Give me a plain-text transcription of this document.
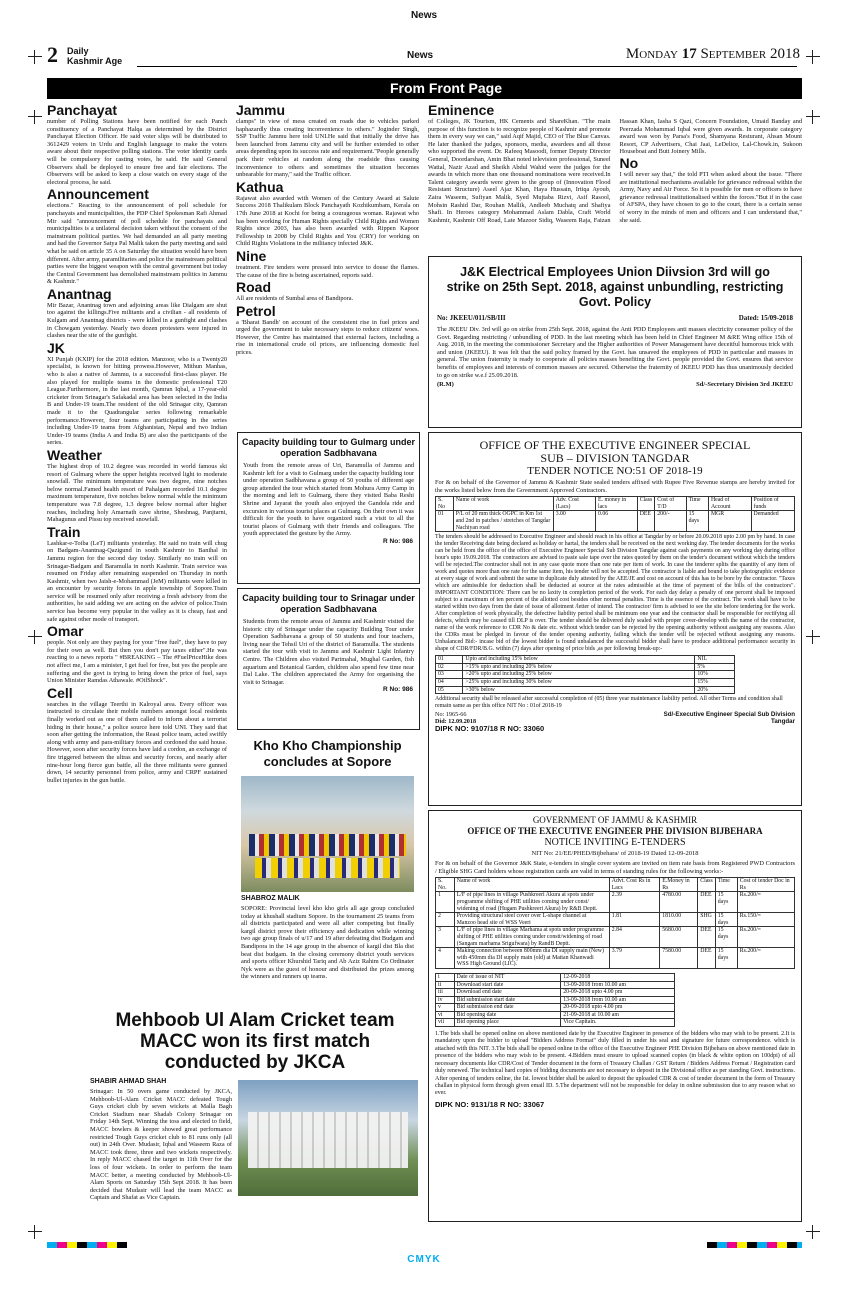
News
2 Daily
Kashmir Age	News	Monday 17 September 2018
From Front Page
Panchayat

number of Polling Stations have been notified for each Panch constituency of a Panchayat Halqa as determined by the District Panchayat Election Officer. He said voter slips will be distributed to 3612429 voters in Urdu and English language to make the voters aware about their respective polling stations. The voter identity cards will be compulsory for casting votes, he said. He said General Observers shall be deployed to ensure free and fair elections. The Observers will be asked to keep a close watch on every stage of the electoral process, he said.

Announcement

elections." Reacting to the announcement of poll schedule for panchayats and municipalities, the PDP Chief Spokesman Rafi Ahmad Mir said "announcement of poll schedule for panchayats and municipalities is a unilateral decision taken without the consent of the mainstream political parties. We had demanded an all party meeting and had the Governor Satya Pal Malik taken the party meeting and said what he said on article 35 A on Saturday the situation would have been different. After army, paramilitaries and police the mainstream political parties were the biggest weapon with the central government but today the Central Government has demolished mainstream politics in Jammu & Kashmir."

Anantnag

Mir Bazar, Anantnag town and adjoining areas like Dialgam are shut too against the killings.Five militants and a civilian - all residents of Kulgam and Anantnag districts - were killed in a gunfight and clashes in Chowgam yesterday. Nearly two dozen protesters were injured in clashes near the site of the gunfight.

JK

XI Punjab (KXIP) for the 2018 edition. Manzoor, who is a Twenty20 specialist, is known for hitting prowess.However, Mithun Manhas, who is also a native of Jammu, is a successful first-class player. He also played for multiple teams in the domestic professional T20 League.Furthermore, in the last month, Qamran Iqbal, a 17-year-old cricketer from Srinagar's Safakadal area has been selected in the India B and Under-19 team.The resident of the old Srinagar city, Qamran made it to the Quadrangular series following remarkable performance.However, four teams are participating in the series including Under-19 teams from Afghanistan, Nepal and two Indian Under-19 teams (India A and India B) are also the participants of the series.

Weather

The highest drop of 10.2 degree was recorded in world famous ski resort of Gulmarg where the upper heights received light to moderate snowfall. The minimum temperature was two degree, nine notches below normal.Famed health resort of Pahalgam recorded 10.1 degree maximum temperature, five notches below normal while the minimum temperature was 7.8 degree, 1.3 degree below normal after higher reaches, including holy Amarnath cave shrine, Sheshnag, Panjtarni, Mahagunus and Pissu top received snowfall.

Train

Lashkar-e-Toiba (LeT) militants yesterday. He said no train will chug on Badgam-Anantnag-Qazigund in south Kashmir to Banihal in Jammu region for the second day today. Similarly no train will on Srinagar-Badgam and Baramulla in north Kashmir. Train service was resumed on Friday after remaining suspended on Thursday in north Kashmir, when two Jaish-e-Mohammad (JeM) militants were killed in an encounter by security forces in apple township of Sopore.Train service will be resumed only after receiving a fresh advisory from the authorities, he said adding we are acting on the advice of police.Train service has become very popular in the valley as it is cheap, fast and safe against other mode of transport.

Omar

people. Not only are they paying for your "free fuel", they have to pay for their own as well. But then you don't pay taxes either".He was reacting to a news reports " #BREAKING – The #FuelPriceHike does not affect me, I am a minister, I get fuel for free, but yes the people are suffering and the govt is trying to bring down the price of fuel, says Union Minister Ramdas Athawale. #OtlShock".

Cell

searches in the village Teerthi in Kalroyal area. Every officer was instructed to circulate their mobile numbers amongst local residents finally worked out as one of them called to inform about a terrorist hiding in their house," a police source here told UNI. They said that soon after getting the information, the Reasi police team, acted swiftly along with army and para-military forces and cordoned the said house. However, soon after security forces have laid a cordon, an exchange of fire triggered between the ultras and security forces, and nearly after nine-hour long fierce gun battle, all the three militants were gunned down, 14 security personnel from police, army and CRPF sustained bullet injuries in the gun battle.

Jammu

clamps" in view of mess created on roads due to vehicles parked haphazardly thus creating inconvenience to others." Joginder Singh, SSP Traffic Jammu here told UNI.He said that initially the drive has been launched from Jammu city and will be further extended to other areas depending upon its success rate and requirement."People generally park their vehicles at random along the roadside thus causing inconvenience to others and sometimes the situation becomes unbearable for many," said the Traffic officer.

Kathua

Rajawat also awarded with Women of the Century Award at Salute Success 2018 Thalikulam Block Panchayath Kozhikumbam, Kerala on 17th June 2018 at Kochi for being a courageous woman. Rajawat who has been working for Human Rights specially Child Rights and Women Rights since 2003, has also been awarded with Rippen Kapoor Fellowship in 2008 by Child Rights and You (CRY) for working on Child Rights Violations in the militancy infected J&K.

Nine

treatment. Fire tenders were pressed into service to douse the flames. The cause of the fire is being ascertained, reports said.

Road

All are residents of Sumbal area of Bandipora.

Petrol

a 'Bharat Bandh' on account of the consistent rise in fuel prices and urged the government to take necessary steps to reduce citizens' woes. However, the Centre has maintained that external factors, including a rise in international crude oil prices, are influencing domestic fuel prices.

Eminence

of Colleges, JK Tourism, HK Cements and ShareKhan. "The main purpose of this function is to recognize people of Kashmir and promote them in every way we can," said Aqif Majid, CEO of The Blue Canvas. He later thanked the judges, sponsors, media, awardees and all those who supported the event. Dr. Rafeeq Masoodi, former Deputy Director General, Doordarshan, Amin Bhat noted television professional, Suneel Wattal, Nazir Azad and Sheikh Abdul Wahid were the judges for the awards in which more than one thousand nominations were received.In Talent category awards were given to the group of (Innovation Flood Resistant Structure) Aseel Ajaz Khan, Haya Hussain, Irtiqa Ayoub, Zaira Waseem, Sufiyan Malik, Syed Mujtaba Rizvi, Asif Rasool, Mohsin Rashid Dar, Rouhan Mallik, Andleeb Muchatq and Shafiya Shafi. In Heroes category Mohammad Aslam Dabla, Craft World Kashmir, Kashmir Off Road, Late Mazoor Sidiq, Waseem Raja, Faizan Hassan Khan, Iasha S Qazi, Concern Foundation, Umaid Banday and Peerzada Mohammad Iqbal were given awards. In corporate category award was won by Parsa's Food, Shamyana Resturant, Ahsan Mount Resort, CP Advertisers, Chai Jaai, LeDelice, Lal-Chowk.in, Sukoon Houseboat and Butt Joinery Mills.

No

I will never say that," the told PTI when asked about the issue. "There are institutional mechanisms available for grievance redressal within the Army, Navy and Air Force. So it is possible for men or officers to have grievance redressal institutionalised within the forces."But if in the case of AFSPA, they have chosen to go to the court, there is a certain sense of worry in the minds of men and officers and I can understand that," she said.

J&K Electrical Employees Union Diivsion 3rd will go strike on 25th Sept. 2018, against unbundling, restricting Govt. Policy
No: JKEEU/011/SB/III	Dated: 15/09-2018

The JKEEU Div. 3rd will go on strike from 25th Sept. 2018, against the Anti PDD Employees anti masses electricity consumer policy of the Govt. Regarding restricting / unbundling of PDD. In the last meeting which has been held in Chief Engineer M &RE Wing office 15th of Aug. 2018, in the meeting the commissioner Secretary and the Higher authorities of Power Management have deceitful humorous trick with and union (JKEEU). It was felt that the said policy framed by the Govt. has unsaved the employees of PDD in particular and masses in general. The union fraternity is ready to cooperate all policies masses benefiting the Govt. people provided the Govt. ensures that service benefits of employees and interests of common masses are secured. Otherwise the fraternity of JKEEU PDD has thus unanimously decided to go on strike w.e.f 25.09.2018.

(R.M)	Sd/-Secretary Division 3rd JKEEU
Capacity building tour to Gulmarg under operation Sadbhavana

Youth from the remote areas of Uri, Baramulla of Jammu and Kashmir left for a visit to Gulmarg under the capacity building tour under operation Sadbhavana a group of 50 youths of different age group attended the tour which started from Mohura Army Camp in the morning and left to Gulmarg, there they visited Baba Reshi Shrine and Jayarat the youth also enjoyed the Gandola ride and excursion in various tourist places at Gulmarg. On their own it was difficult for the youth to have organized such a visit to all the tourist places of Gulmarg with their friends and colleagues. The youth appreciated the gesture by the Army.

R No: 986
Capacity building tour to Srinagar under operation Sadbhavana

Students from the remote areas of Jammu and Kashmir visited the historic city of Srinagar under the capacity Building Tour under Operation Sadbhavana a group of 50 students and four teachers, living near the Tehsil Uri of the district of Baramulla. The students started the tour with visit to Jammu and Kashmir Light Infantry Centre. The Children also visited Parimahal, Mughal Garden, fish aquarium and Botanical Garden, children also spend few time near Dal Lake. The children appreciated the Army for organising the visit to Srinagar.

R No: 986
Kho Kho Championship concludes at Sopore
SHABROZ MALIK

SOPORE: Provincial level kho kho girls all age group concluded today at khushall stadium Sopore. In the tournament 25 teams from all districts participated and were all after competing but finally kargil district prove their efficiency and dedication while winning two age group finals of u/17 and 19 after defeating dist Budgam and Bandipora in the 14 age group in the absence of kargil dist Bla dist beat dist budgam. In the closing ceremony district youth services and sports officer Khurshid Tariq and Ab Aziz Rahim Co Ordinater Nyk were as the guest of honour and distributed the prizes among the winners and runners up teams.

Mehboob Ul Alam Cricket team MACC won its first match conducted by JKCA
SHABIR AHMAD SHAH

Srinagar: In 50 overs game conducted by JKCA, Mehboob-Ul-Alam Cricket MACC defeated Tough Guys cricket club by seven wickets at Malla Bagh Cricket Stadium near Shadab Colony Srinagar on Friday 14th Sept. Winning the toss and elected to field, MACC bowlers & keeper showed great performance restricted Tough Guys cricket club to 81 runs only (all out) in 24th Over. Mudasir, Iqbal and Waseem Raza of MACC took three, three and two wickets respectively. In reply MACC chased the target in 11th Over for the loss of four wickets. In order to perform the team MACC better, a meeting conducted by Mehboob-Ul-Alam Sports on Saturday 15th Sept 2018. It has been decided that Mudasir will lead the team MACC as Captain and Shafat as Vice Captain.

OFFICE OF THE EXECUTIVE ENGINEER SPECIAL
SUB – DIVISION TANGDAR
TENDER NOTICE NO:51 OF 2018-19

For & on behalf of the Governor of Jammu & Kashmir State sealed tenders affixed with Rupee Five Revenue stamps are hereby invited for the works listed below from the Government Approved Contractors.

S. No	Name of work	Adv. Cost (Lacs)	E. money in lacs	Class	Cost of T/D	Time	Head of Account	Position of funds
01	P/L of 20 mm thick OGPC in Km 1st and 2nd in patches / stretches of Tangdar Nachiyan road	3.00	0.06	DEE	200/-	15 days	MGR	Demanded

The tenders should be addressed to Executive Engineer and should reach in his office at Tangdar by or before 20.09.2018 upto 2.00 pm by hand. In case the tender Receiving date being declared as holiday or hartal, the tenders shall be received on the next working day. The tender documents for the works can be held from the office of the office of Executive Engineer Special Sub Division Tangdar against cash payments on any working day during office hour's upto 19.09.2018. The contractors are advised to paste sale tape over the rates quoted by them on the tender's document without which the tenders will be rejected.The contractor shall not in any case quote more than one rate per item of work. In case the tenderer splits the quantity of any item of work and quotes more than one rate for the same item, his tender will not be accepted. The contractor is liable and bound to take photographic evidence at every stage of work and submit the same in duplicate duly attested by the AEE/JE and cost on account of this has to be bore by the contractor. "Taxes which are admissible for deduction shall be deducted at source at the rates admissible at the time of payment of the bills of the contractors". IMPORTANT CONDITION: There can be no laxity in completion period of the work. For each day delay a penalty of one percent shall be imposed subject to a maximum of ten percent of the allotted cost besides other normal penalties. Time is the essence of the contract. The work shall have to be started within two days from the date of issue of allotment /letter of intend. The contractor/ firm is advised to see the site before tendering for the work. After completion of work physically, the defective liability period shall be minimum one year and the contractor shall be responsible for rectifying all defects, which may be caused till DLP is over. The tender should be delivered duly sealed with proper cover-develop with the name of the contractor, name of the work reference to CDR No & date etc. without which tender can be rejected by the opening authority without assigning any reasons. Also the CDRs must be pledged in favour of the tender opening authority, failing which the tender will be rejected without assigning any reasons. Unbalanced Bid:- incase bid of the lowest bidder is found unbalanced the successful bidder shall have to produce additional performance security in shape of CDR/FDR/B.G. within (7) days after opening of price bids ,as per following break-up:-

01	Upto and including 15% below	NIL
02	>15% upto and including 20% below	5%
03	>20% upto and including 25% below	10%
04	>25% upto and including 30% below	15%
05	>30% below	20%

Additional security shall be released after successful completion of (05) three year maintenance liability period. All other Terms and condition shall remain same as per this office NIT No : 01of 2018-19

No: 1965-66
Did: 12.09.2018
Sd/-Executive Engineer Special Sub Division Tangdar
DIPK NO: 9107/18 R NO: 33060
GOVERNMENT OF JAMMU & KASHMIR
OFFICE OF THE EXECUTIVE ENGINEER PHE DIVISION BIJBEHARA
NOTICE INVITING E-TENDERS
NIT No: 21/EE/PHED/Bijbehara/ of 2018-19 Dated 12-09-2018

For & on behalf of the Governor J&K State, e-tenders in single cover system are invited on item rate basis from Registered PWD Contractors / Eligible SHG Card holders whose registration cards are valid in terms of standing rules for the following works:-

S. No.	Name of work	Advt. Cost Rs in Lacs	E.Money in Rs	Class	Time	Cost of tender Doc in Rs
1	L/F of pipe lines in village Pushkreeri Akura at spots under programme shifting of PHE utilities coming under const/ widening of road (Hugam Pushkreeri Akura) by R&B Deptt.	2.39	4780.00	DEE	15 days	Rs.200/=
2	Providing structural steel cover over L-shape channel at Manzoo head site of WSS Veeri	1.81	1810.00	SHG	15 days	Rs.150/=
3	L/F of pipe lines in village Marhama at spots under programme shifting of PHE utilities coming under constt/widening of road (Sangam marhama Srigufwara) by RandB Deptt.	2.84	5680.00	DEE	15 days	Rs.200/=
4	Making connection between 800mm dia DI supply main (New) with 450mm dia DI supply main (old) at Mattan Khanwadi WSS High Ground (LIC).	3.79	7580.00	DEE	15 days	Rs.200/=
i	Date of issue of NIT	12-09-2018
ii	Download start date	13-09-2018 from 10.00 am
iii	Download end date	20-09-2018 upto 4.00 pm
iv	Bid submission start date	13-09-2018 from 10.00 am
v	Bid submission end date	20-09-2018 upto 4.00 pm
vi	Bid opening date	21-09-2018 at 10.00 am
vii	Bid opening place	Vice Capitain.

1.The bids shall be opened online on above mentioned date by the Executive Engineer in presence of the bidders who may wish to be present. 2.It is mandatory upon the bidder to upload "Bidders Address Format" duly filled in under his seal and signature for future correspondence. which is attached with this NIT. 3.The bids shall be opened online in the office of the Executive Engineer PHE Division Bijbehara on above mentioned date in presence of the bidders who may wish to be present. 4.Bidders must ensure to upload scanned copies (in black & white option on 100dpi) of all necessary documents like CDR/Cost of Tender document in the form of Treasury Challan / GST Return / Bidders Address Format / Registration card duly renewed. The technical hard copies of bidding documents are not necessary to deposit in the Divisional office as per standing Govt. instructions. After opening of tenders online, the Ist. lowest bidder shall be asked to deposit the uploaded CDR & cost of tender document in the form of Treasury challan in physical form through given email ID. 5.The department will not be responsible for delay in online submission due to any reason what so ever.

DIPK NO: 9131/18 R NO: 33067
CMYK
